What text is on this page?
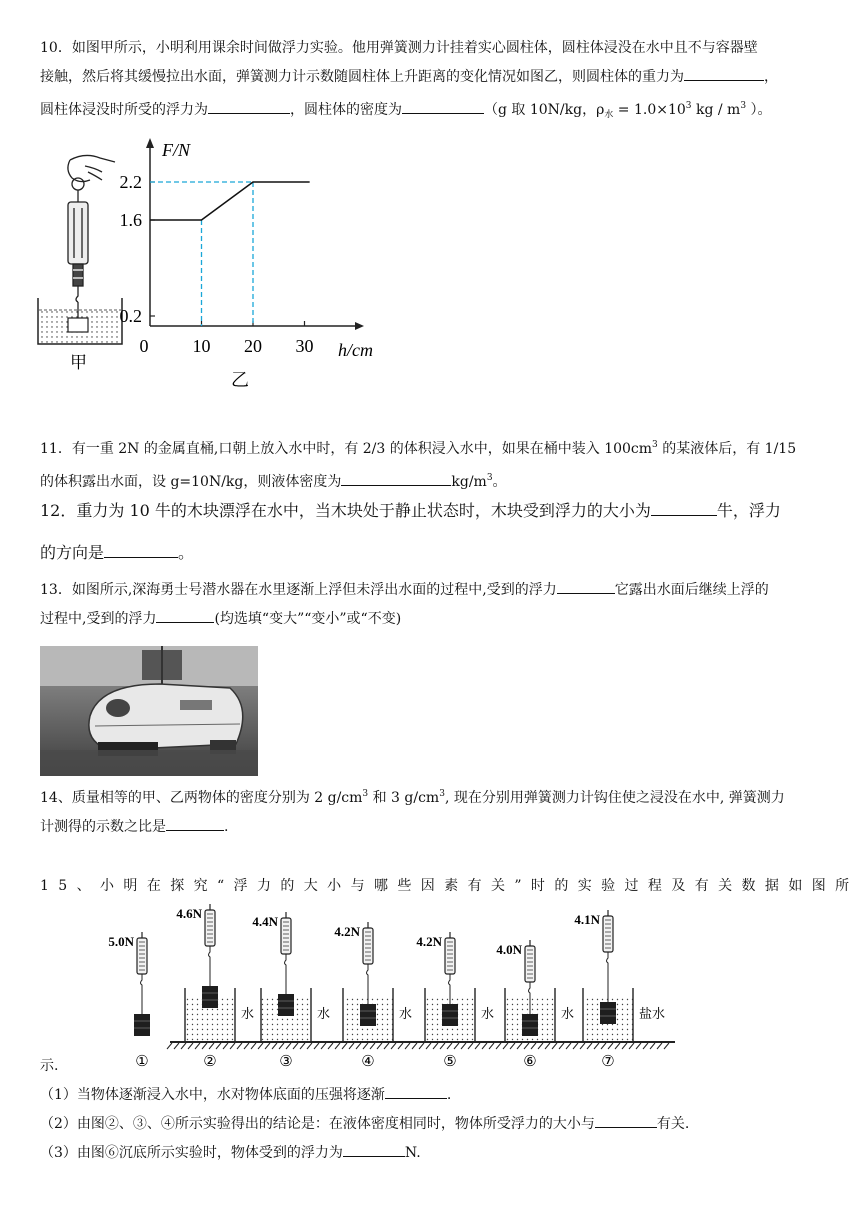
10．如图甲所示，小明利用课余时间做浮力实验。他用弹簧测力计挂着实心圆柱体，圆柱体浸没在水中且不与容器壁
接触，然后将其缓慢拉出水面，弹簧测力计示数随圆柱体上升距离的变化情况如图乙，则圆柱体的重力为	，
圆柱体浸没时所受的浮力为	，圆柱体的密度为	（g 取 10N/kg，$\rho_水 = 1.0\times 10^3$ kg / $m^3$ ）。
甲
F/N
h/cm
0 10 20 30
2.2
1.6
0.2
乙
11．有一重 2N 的金属直桶,口朝上放入水中时，有 2/3 的体积浸入水中，如果在桶中装入 $100cm^3$ 的某液体后，有 1/15
的体积露出水面，设 g=10N/kg，则液体密度为	$kg/m^3$。
12．重力为 10 牛的木块漂浮在水中，当木块处于静止状态时，木块受到浮力的大小为	牛，浮力
的方向是	。
13．如图所示,深海勇士号潜水器在水里逐渐上浮但未浮出水面的过程中,受到的浮力	它露出水面后继续上浮的
过程中,受到的浮力	(均选填“变大”“变小”或“不变)
14、质量相等的甲、乙两物体的密度分别为 2 $g/cm^3$ 和 3 $g/cm^3$, 现在分别用弹簧测力计钩住使之浸没在水中, 弹簧测力
计测得的示数之比是	.
15、小明在探究“浮力的大小与哪些因素有关”时的实验过程及有关数据如图所
5.0N
①
水
4.6N
②
水
4.4N
③
水
4.2N
④
水
4.2N
⑤
水
4.0N
⑥
盐水
4.1N
⑦
示.
（1）当物体逐渐浸入水中，水对物体底面的压强将逐渐	.
（2）由图②、③、④所示实验得出的结论是：在液体密度相同时，物体所受浮力的大小与	有关.
（3）由图⑥沉底所示实验时，物体受到的浮力为	N.
